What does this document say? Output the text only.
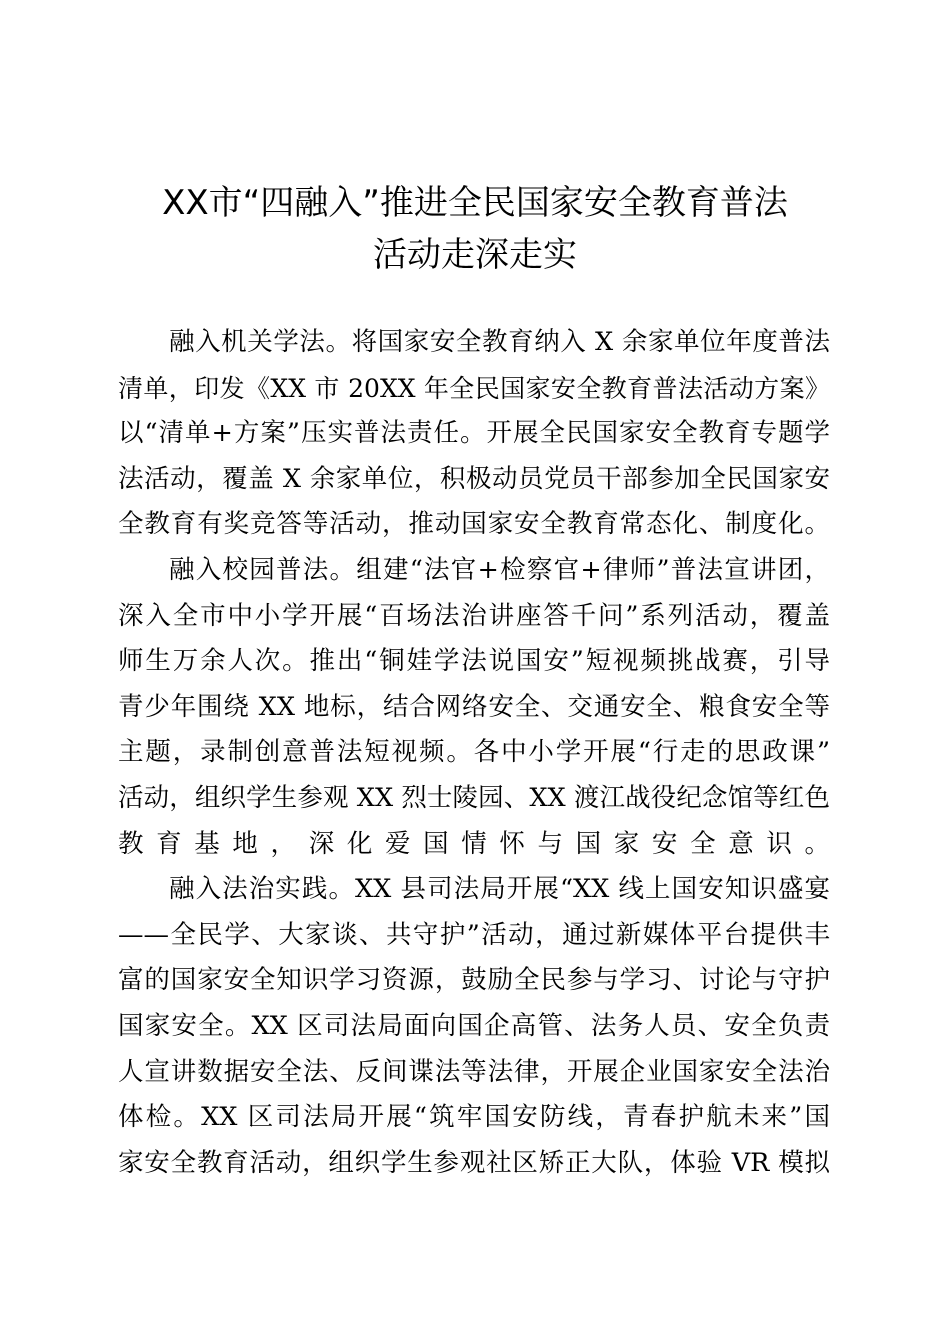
XX市“四融入”推进全民国家安全教育普法
活动走深走实

融入机关学法。将国家安全教育纳入 X 余家单位年度普法
清单，印发《XX 市 20XX 年全民国家安全教育普法活动方案》
以“清单+方案”压实普法责任。开展全民国家安全教育专题学
法活动，覆盖 X 余家单位，积极动员党员干部参加全民国家安
全教育有奖竞答等活动，推动国家安全教育常态化、制度化。

融入校园普法。组建“法官+检察官+律师”普法宣讲团，
深入全市中小学开展“百场法治讲座答千问”系列活动，覆盖
师生万余人次。推出“铜娃学法说国安”短视频挑战赛，引导
青少年围绕 XX 地标，结合网络安全、交通安全、粮食安全等
主题，录制创意普法短视频。各中小学开展“行走的思政课”
活动，组织学生参观 XX 烈士陵园、XX 渡江战役纪念馆等红色
教育基地，深化爱国情怀与国家安全意识。

融入法治实践。XX 县司法局开展“XX 线上国安知识盛宴
——全民学、大家谈、共守护”活动，通过新媒体平台提供丰
富的国家安全知识学习资源，鼓励全民参与学习、讨论与守护
国家安全。XX 区司法局面向国企高管、法务人员、安全负责
人宣讲数据安全法、反间谍法等法律，开展企业国家安全法治
体检。XX 区司法局开展“筑牢国安防线，青春护航未来”国
家安全教育活动，组织学生参观社区矫正大队，体验 VR 模拟
